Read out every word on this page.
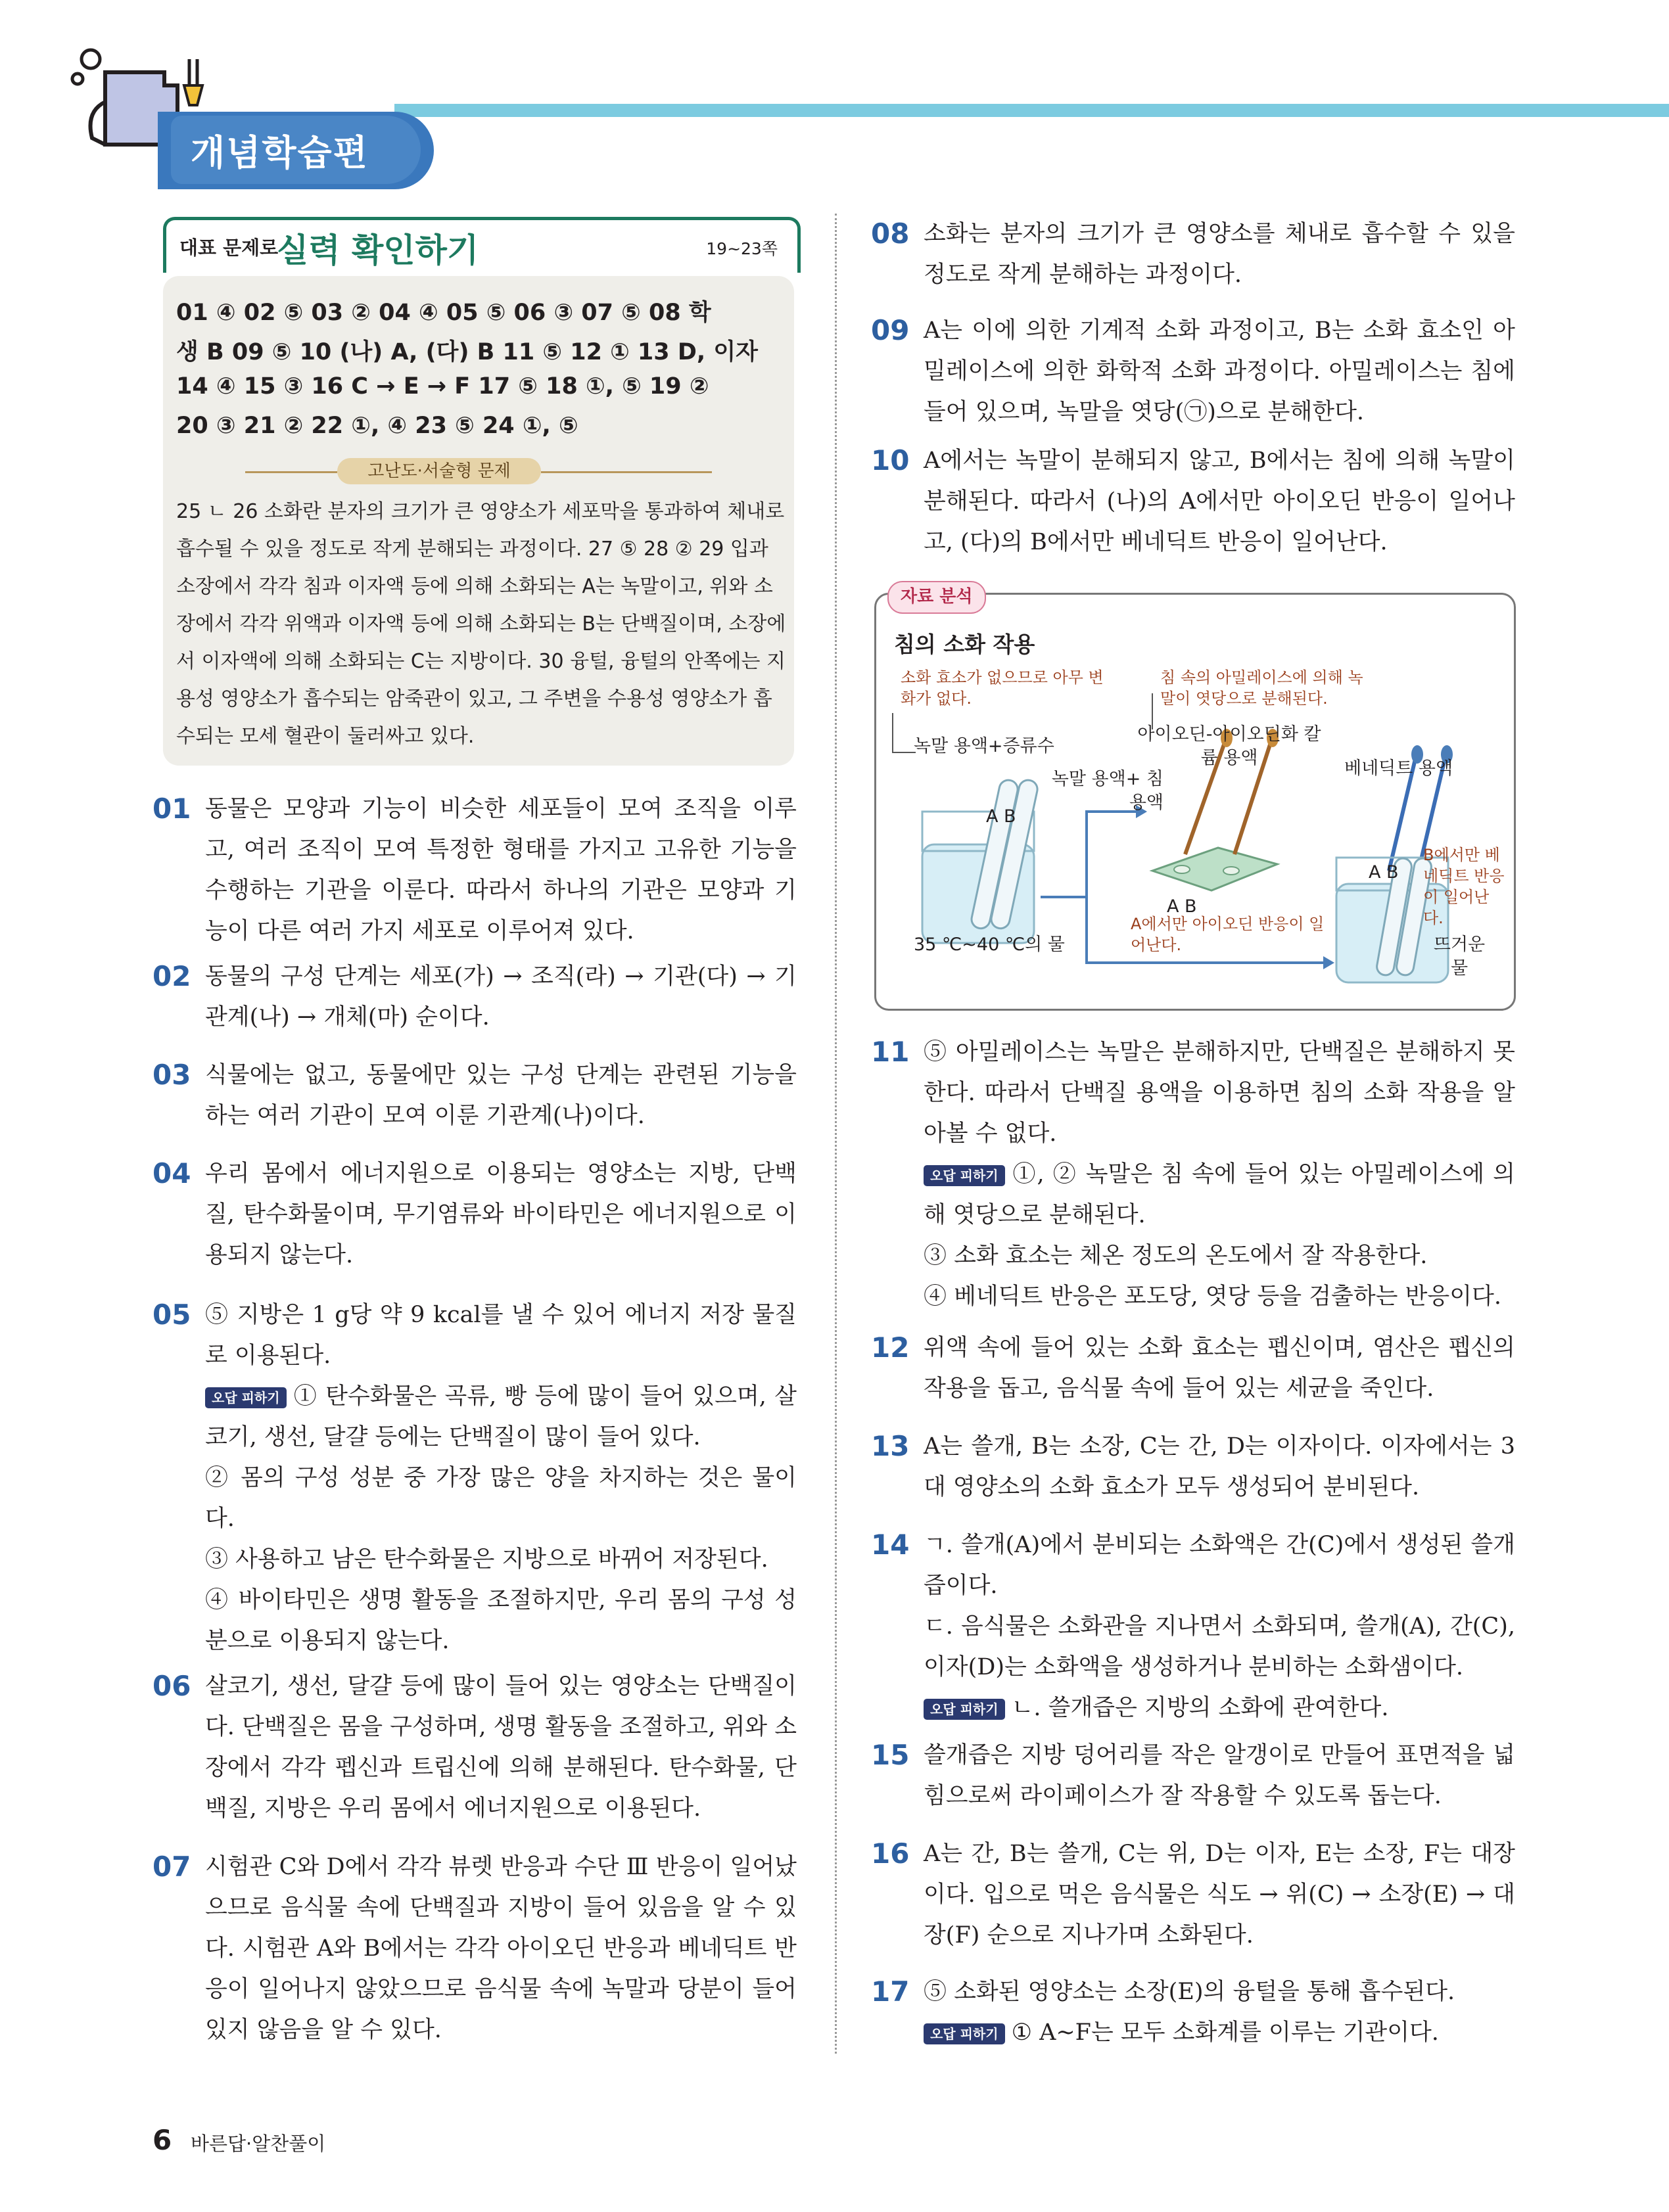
개념학습편
대표 문제로
실력 확인하기	19~23쪽
01 ④ 02 ⑤ 03 ② 04 ④ 05 ⑤ 06 ③ 07 ⑤ 08 학
생 B 09 ⑤ 10 (나) A, (다) B 11 ⑤ 12 ① 13 D, 이자
14 ④ 15 ③ 16 C → E → F 17 ⑤ 18 ①, ⑤ 19 ②
20 ③ 21 ② 22 ①, ④ 23 ⑤ 24 ①, ⑤
고난도·서술형 문제
25 ㄴ 26 소화란 분자의 크기가 큰 영양소가 세포막을 통과하여 체내로 흡수될 수 있을 정도로 작게 분해되는 과정이다. 27 ⑤ 28 ② 29 입과 소장에서 각각 침과 이자액 등에 의해 소화되는 A는 녹말이고, 위와 소장에서 각각 위액과 이자액 등에 의해 소화되는 B는 단백질이며, 소장에서 이자액에 의해 소화되는 C는 지방이다. 30 융털, 융털의 안쪽에는 지용성 영양소가 흡수되는 암죽관이 있고, 그 주변을 수용성 영양소가 흡수되는 모세 혈관이 둘러싸고 있다.
01 동물은 모양과 기능이 비슷한 세포들이 모여 조직을 이루고, 여러 조직이 모여 특정한 형태를 가지고 고유한 기능을 수행하는 기관을 이룬다. 따라서 하나의 기관은 모양과 기능이 다른 여러 가지 세포로 이루어져 있다.

02 동물의 구성 단계는 세포(가) → 조직(라) → 기관(다) → 기관계(나) → 개체(마) 순이다.

03 식물에는 없고, 동물에만 있는 구성 단계는 관련된 기능을 하는 여러 기관이 모여 이룬 기관계(나)이다.

04 우리 몸에서 에너지원으로 이용되는 영양소는 지방, 단백질, 탄수화물이며, 무기염류와 바이타민은 에너지원으로 이용되지 않는다.

05 ⑤ 지방은 1 g당 약 9 kcal를 낼 수 있어 에너지 저장 물질로 이용된다.

오답 피하기 ① 탄수화물은 곡류, 빵 등에 많이 들어 있으며, 살코기, 생선, 달걀 등에는 단백질이 많이 들어 있다.

② 몸의 구성 성분 중 가장 많은 양을 차지하는 것은 물이다.

③ 사용하고 남은 탄수화물은 지방으로 바뀌어 저장된다.

④ 바이타민은 생명 활동을 조절하지만, 우리 몸의 구성 성분으로 이용되지 않는다.

06 살코기, 생선, 달걀 등에 많이 들어 있는 영양소는 단백질이다. 단백질은 몸을 구성하며, 생명 활동을 조절하고, 위와 소장에서 각각 펩신과 트립신에 의해 분해된다. 탄수화물, 단백질, 지방은 우리 몸에서 에너지원으로 이용된다.

07 시험관 C와 D에서 각각 뷰렛 반응과 수단 Ⅲ 반응이 일어났으므로 음식물 속에 단백질과 지방이 들어 있음을 알 수 있다. 시험관 A와 B에서는 각각 아이오딘 반응과 베네딕트 반응이 일어나지 않았으므로 음식물 속에 녹말과 당분이 들어 있지 않음을 알 수 있다.

자료 분석
침의 소화 작용
소화 효소가 없으므로 아무 변화가 없다.
침 속의 아밀레이스에 의해 녹말이 엿당으로 분해된다.
A에서만 아이오딘 반응이 일어난다.
B에서만 베네딕트 반응이 일어난다.
녹말 용액+증류수
녹말 용액+ 침 용액
아이오딘-아이오딘화 칼륨 용액
베네딕트 용액
35 ℃~40 ℃의 물	뜨거운 물
A B
A B
A B
08 소화는 분자의 크기가 큰 영양소를 체내로 흡수할 수 있을 정도로 작게 분해하는 과정이다.

09 A는 이에 의한 기계적 소화 과정이고, B는 소화 효소인 아밀레이스에 의한 화학적 소화 과정이다. 아밀레이스는 침에 들어 있으며, 녹말을 엿당(㉠)으로 분해한다.

10 A에서는 녹말이 분해되지 않고, B에서는 침에 의해 녹말이 분해된다. 따라서 (나)의 A에서만 아이오딘 반응이 일어나고, (다)의 B에서만 베네딕트 반응이 일어난다.

11 ⑤ 아밀레이스는 녹말은 분해하지만, 단백질은 분해하지 못한다. 따라서 단백질 용액을 이용하면 침의 소화 작용을 알아볼 수 없다.

오답 피하기 ①, ② 녹말은 침 속에 들어 있는 아밀레이스에 의해 엿당으로 분해된다.

③ 소화 효소는 체온 정도의 온도에서 잘 작용한다.

④ 베네딕트 반응은 포도당, 엿당 등을 검출하는 반응이다.

12 위액 속에 들어 있는 소화 효소는 펩신이며, 염산은 펩신의 작용을 돕고, 음식물 속에 들어 있는 세균을 죽인다.

13 A는 쓸개, B는 소장, C는 간, D는 이자이다. 이자에서는 3대 영양소의 소화 효소가 모두 생성되어 분비된다.

14 ㄱ. 쓸개(A)에서 분비되는 소화액은 간(C)에서 생성된 쓸개즙이다.

ㄷ. 음식물은 소화관을 지나면서 소화되며, 쓸개(A), 간(C), 이자(D)는 소화액을 생성하거나 분비하는 소화샘이다.

오답 피하기 ㄴ. 쓸개즙은 지방의 소화에 관여한다.

15 쓸개즙은 지방 덩어리를 작은 알갱이로 만들어 표면적을 넓힘으로써 라이페이스가 잘 작용할 수 있도록 돕는다.

16 A는 간, B는 쓸개, C는 위, D는 이자, E는 소장, F는 대장이다. 입으로 먹은 음식물은 식도 → 위(C) → 소장(E) → 대장(F) 순으로 지나가며 소화된다.

17 ⑤ 소화된 영양소는 소장(E)의 융털을 통해 흡수된다.

오답 피하기 ① A~F는 모두 소화계를 이루는 기관이다.

6 바른답·알찬풀이
